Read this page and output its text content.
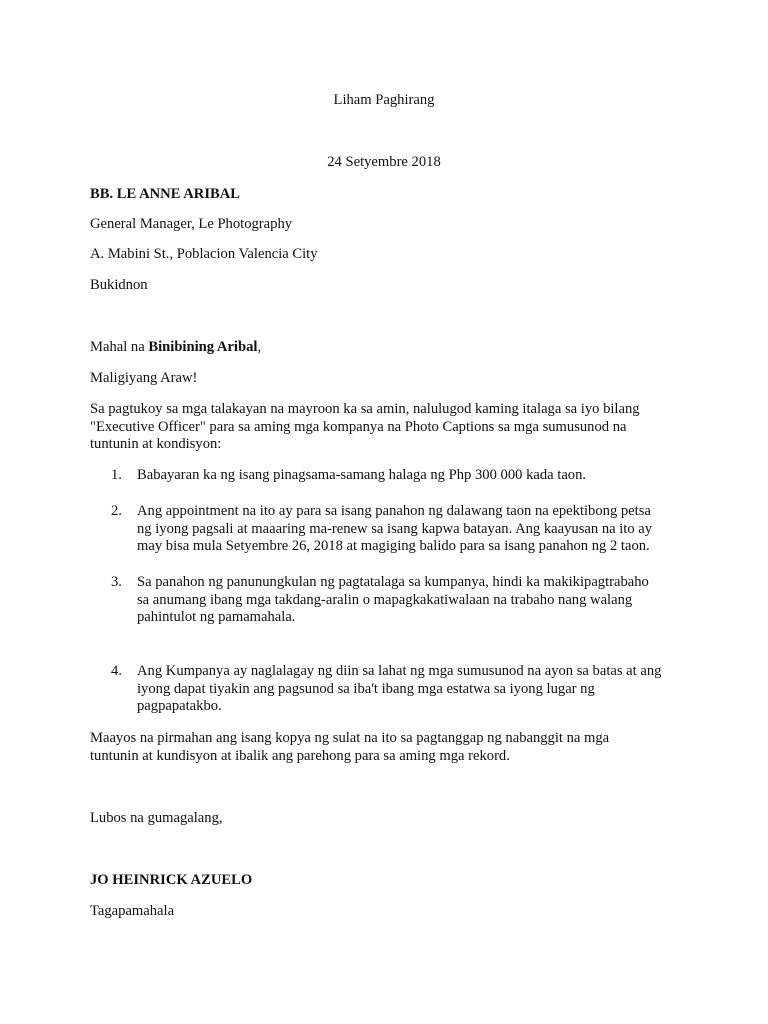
Liham Paghirang

24 Setyembre 2018

BB. LE ANNE ARIBAL

General Manager, Le Photography

A. Mabini St., Poblacion Valencia City

Bukidnon

Mahal na Binibining Aribal,

Maligiyang Araw!

Sa pagtukoy sa mga talakayan na mayroon ka sa amin, nalulugod kaming italaga sa iyo bilang
"Executive Officer" para sa aming mga kompanya na Photo Captions sa mga sumusunod na
tuntunin at kondisyon:
1. Babayaran ka ng isang pinagsama-samang halaga ng Php 300 000 kada taon.
2. Ang appointment na ito ay para sa isang panahon ng dalawang taon na epektibong petsa
ng iyong pagsali at maaaring ma-renew sa isang kapwa batayan. Ang kaayusan na ito ay
may bisa mula Setyembre 26, 2018 at magiging balido para sa isang panahon ng 2 taon.
3. Sa panahon ng panunungkulan ng pagtatalaga sa kumpanya, hindi ka makikipagtrabaho
sa anumang ibang mga takdang-aralin o mapagkakatiwalaan na trabaho nang walang
pahintulot ng pamamahala.
4. Ang Kumpanya ay naglalagay ng diin sa lahat ng mga sumusunod na ayon sa batas at ang
iyong dapat tiyakin ang pagsunod sa iba't ibang mga estatwa sa iyong lugar ng
pagpapatakbo.
Maayos na pirmahan ang isang kopya ng sulat na ito sa pagtanggap ng nabanggit na mga
tuntunin at kundisyon at ibalik ang parehong para sa aming mga rekord.

Lubos na gumagalang,

JO HEINRICK AZUELO

Tagapamahala
